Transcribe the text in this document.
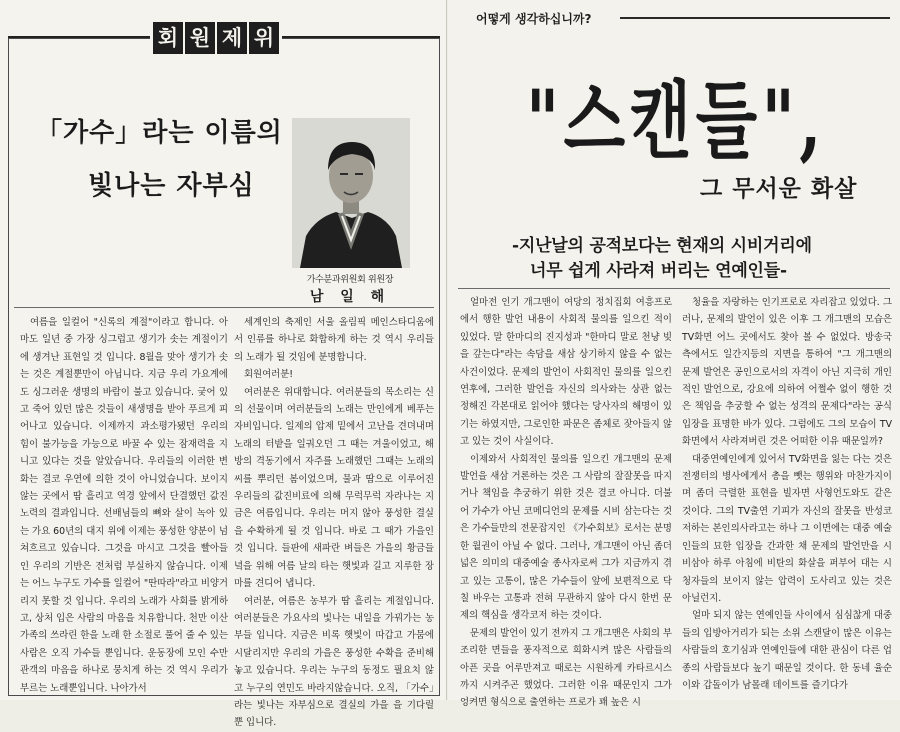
회 원 제 위
「가수」라는 이름의
빛나는 자부심
가수분과위원회 위원장
남 일 해

여름을 일컬어 "신록의 계절"이라고 합니다. 아마도 일년 중 가장 싱그럽고 생기가 솟는 계절이기에 생겨난 표현일 것 입니다. 8월을 맞아 생기가 솟는 것은 계절뿐만이 아닙니다. 지금 우리 가요계에도 싱그러운 생명의 바람이 불고 있습니다. 궂어 있고 죽어 있던 많은 것들이 새생명을 받아 푸르게 피어나고 있습니다. 이제까지 과소평가됐던 우리의 힘이 불가능을 가능으로 바꿀 수 있는 잠재력을 지니고 있다는 것을 알았습니다. 우리들의 이러한 변화는 결코 우연에 의한 것이 아니었습니다. 보이지 않는 곳에서 땀 흘리고 역경 앞에서 단결했던 값진 노력의 결과입니다. 선배님들의 뼈와 살이 녹아 있는 가요 60년의 대지 위에 이제는 풍성한 양분이 넘쳐흐르고 있습니다. 그것을 마시고 그것을 빨아들인 우리의 기반은 전처럼 부실하지 않습니다. 이제는 어느 누구도 가수를 일컬어 "딴따라"라고 비양거리지 못할 것 입니다. 우리의 노래가 사회를 밝게하고, 상처 입은 사람의 마음을 치유합니다. 천만 이산가족의 쓰라린 한을 노래 한 소절로 풀어 줄 수 있는 사람은 오직 가수들 뿐입니다. 운동장에 모인 수만 관객의 마음을 하나로 뭉치게 하는 것 역시 우리가 부르는 노래뿐입니다. 나아가서

세계인의 축제인 서울 올림픽 메인스타디움에서 인류를 하나로 화합하게 하는 것 역시 우리들의 노래가 될 것임에 분명합니다.

회원여러분!

여러분은 위대합니다. 여러분들의 목소리는 신의 선물이며 여러분들의 노래는 만인에게 베푸는 자비입니다. 일제의 압제 밑에서 고난을 견뎌내며 노래의 터밭을 일궈오던 그 때는 겨울이었고, 해방의 격동기에서 자주를 노래했던 그때는 노래의 씨를 뿌리던 봄이었으며, 물과 땀으로 이루어진 우리들의 값진비료에 의해 무럭무럭 자라나는 지금은 여름입니다. 우리는 머지 않아 풍성한 결실을 수확하게 될 것 입니다. 바로 그 때가 가을인 것 입니다. 들판에 새파란 벼들은 가을의 황금들녘을 위해 여름 날의 타는 햇빛과 길고 지루한 장마를 견디어 냅니다.

여러분, 여름은 농부가 땀 흘리는 계절입니다. 여러분들은 가요사의 빛나는 내일을 가꿔가는 농부들 입니다. 지금은 비록 햇빛이 따갑고 가뭄에 시달리지만 우리의 가을은 풍성한 수확을 준비해 놓고 있습니다. 우리는 누구의 동정도 필요치 않고 누구의 연민도 바라지않습니다. 오직, 「가수」라는 빛나는 자부심으로 결실의 가을 을 기다릴 뿐 입니다.

어떻게 생각하십니까?
"스캔들",
그 무서운 화살
-지난날의 공적보다는 현재의 시비거리에
너무 쉽게 사라져 버리는 연예인들-

얼마전 인기 개그맨이 여당의 정치집회 여흥프로에서 행한 발언 내용이 사회적 물의를 일으킨 적이 있었다. 말 한마디의 진지성과 "한마디 말로 천냥 빚을 갚는다"라는 속담을 새삼 상기하지 않을 수 없는 사건이었다. 문제의 발언이 사회적인 물의를 일으킨 연후에, 그러한 발언을 자신의 의사와는 상관 없는 정해진 각본대로 읽어야 했다는 당사자의 해명이 있기는 하였지만, 그로인한 파문은 좀체로 잦아들지 않고 있는 것이 사실이다.

이제와서 사회적인 물의를 일으킨 개그맨의 문제 발언을 새삼 거론하는 것은 그 사람의 잘잘못을 따지거나 책임을 추궁하기 위한 것은 결코 아니다. 더불어 가수가 아닌 코메디언의 문제를 시비 삼는다는 것은 가수들만의 전문잡지인 《가수회보》로서는 분명한 월권이 아닐 수 없다. 그러나, 개그맨이 아닌 좀더 넓은 의미의 대중예술 종사자로써 그가 지금까지 겪고 있는 고통이, 많은 가수들이 앞에 보편적으로 닥칠 바우는 고통과 전혀 무관하지 않아 다시 한번 문제의 핵심을 생각코저 하는 것이다.

문제의 발언이 있기 전까지 그 개그맨은 사회의 부조리한 면들을 풍자적으로 희화시켜 많은 사람들의 아픈 곳을 어루만져고 때로는 시원하게 카타르시스까지 시켜주곤 했었다. 그러한 이유 때문인지 그가 엉켜면 형식으로 출연하는 프로가 꽤 높은 시

청율을 자랑하는 인기프로로 자리잡고 있었다. 그러나, 문제의 발언이 있은 이후 그 개그맨의 모습은 TV화면 어느 곳에서도 찾아 볼 수 없었다. 방송국 측에서도 일간지등의 지면을 통하여 "그 개그맨의 문제 발언은 공인으로서의 자격이 아닌 지극히 개인적인 발언으로, 강요에 의하여 어쩔수 없이 행한 것은 책임을 추궁할 수 없는 성격의 문제다"라는 공식 입장을 표명한 바가 있다. 그럼에도 그의 모습이 TV 화면에서 사라져버린 것은 어떠한 이유 때문일까?

대중연예인에게 있어서 TV화면을 잃는 다는 것은 전쟁터의 병사에게서 총을 뺏는 행위와 마찬가지이며 좀더 극렬한 표현을 빌자면 사형언도와도 같은 것이다. 그의 TV출연 기피가 자신의 잘못을 반성코저하는 본인의사라고는 하나 그 이면에는 대중 예술인들의 묘한 입장을 간과한 채 문제의 발언만을 시비삼아 하루 아침에 비탄의 화살을 퍼부어 대는 시청자들의 보이지 않는 압력이 도사리고 있는 것은 아닐런지.

얼마 되지 않는 연예인들 사이에서 심심찮게 대중들의 입방아거리가 되는 소위 스캔달이 많은 이유는 사람들의 호기심과 연예인들에 대한 관심이 다른 업종의 사람들보다 높기 때문일 것이다. 한 동네 율순이와 갑돌이가 남몰래 데이트를 즐기다가
